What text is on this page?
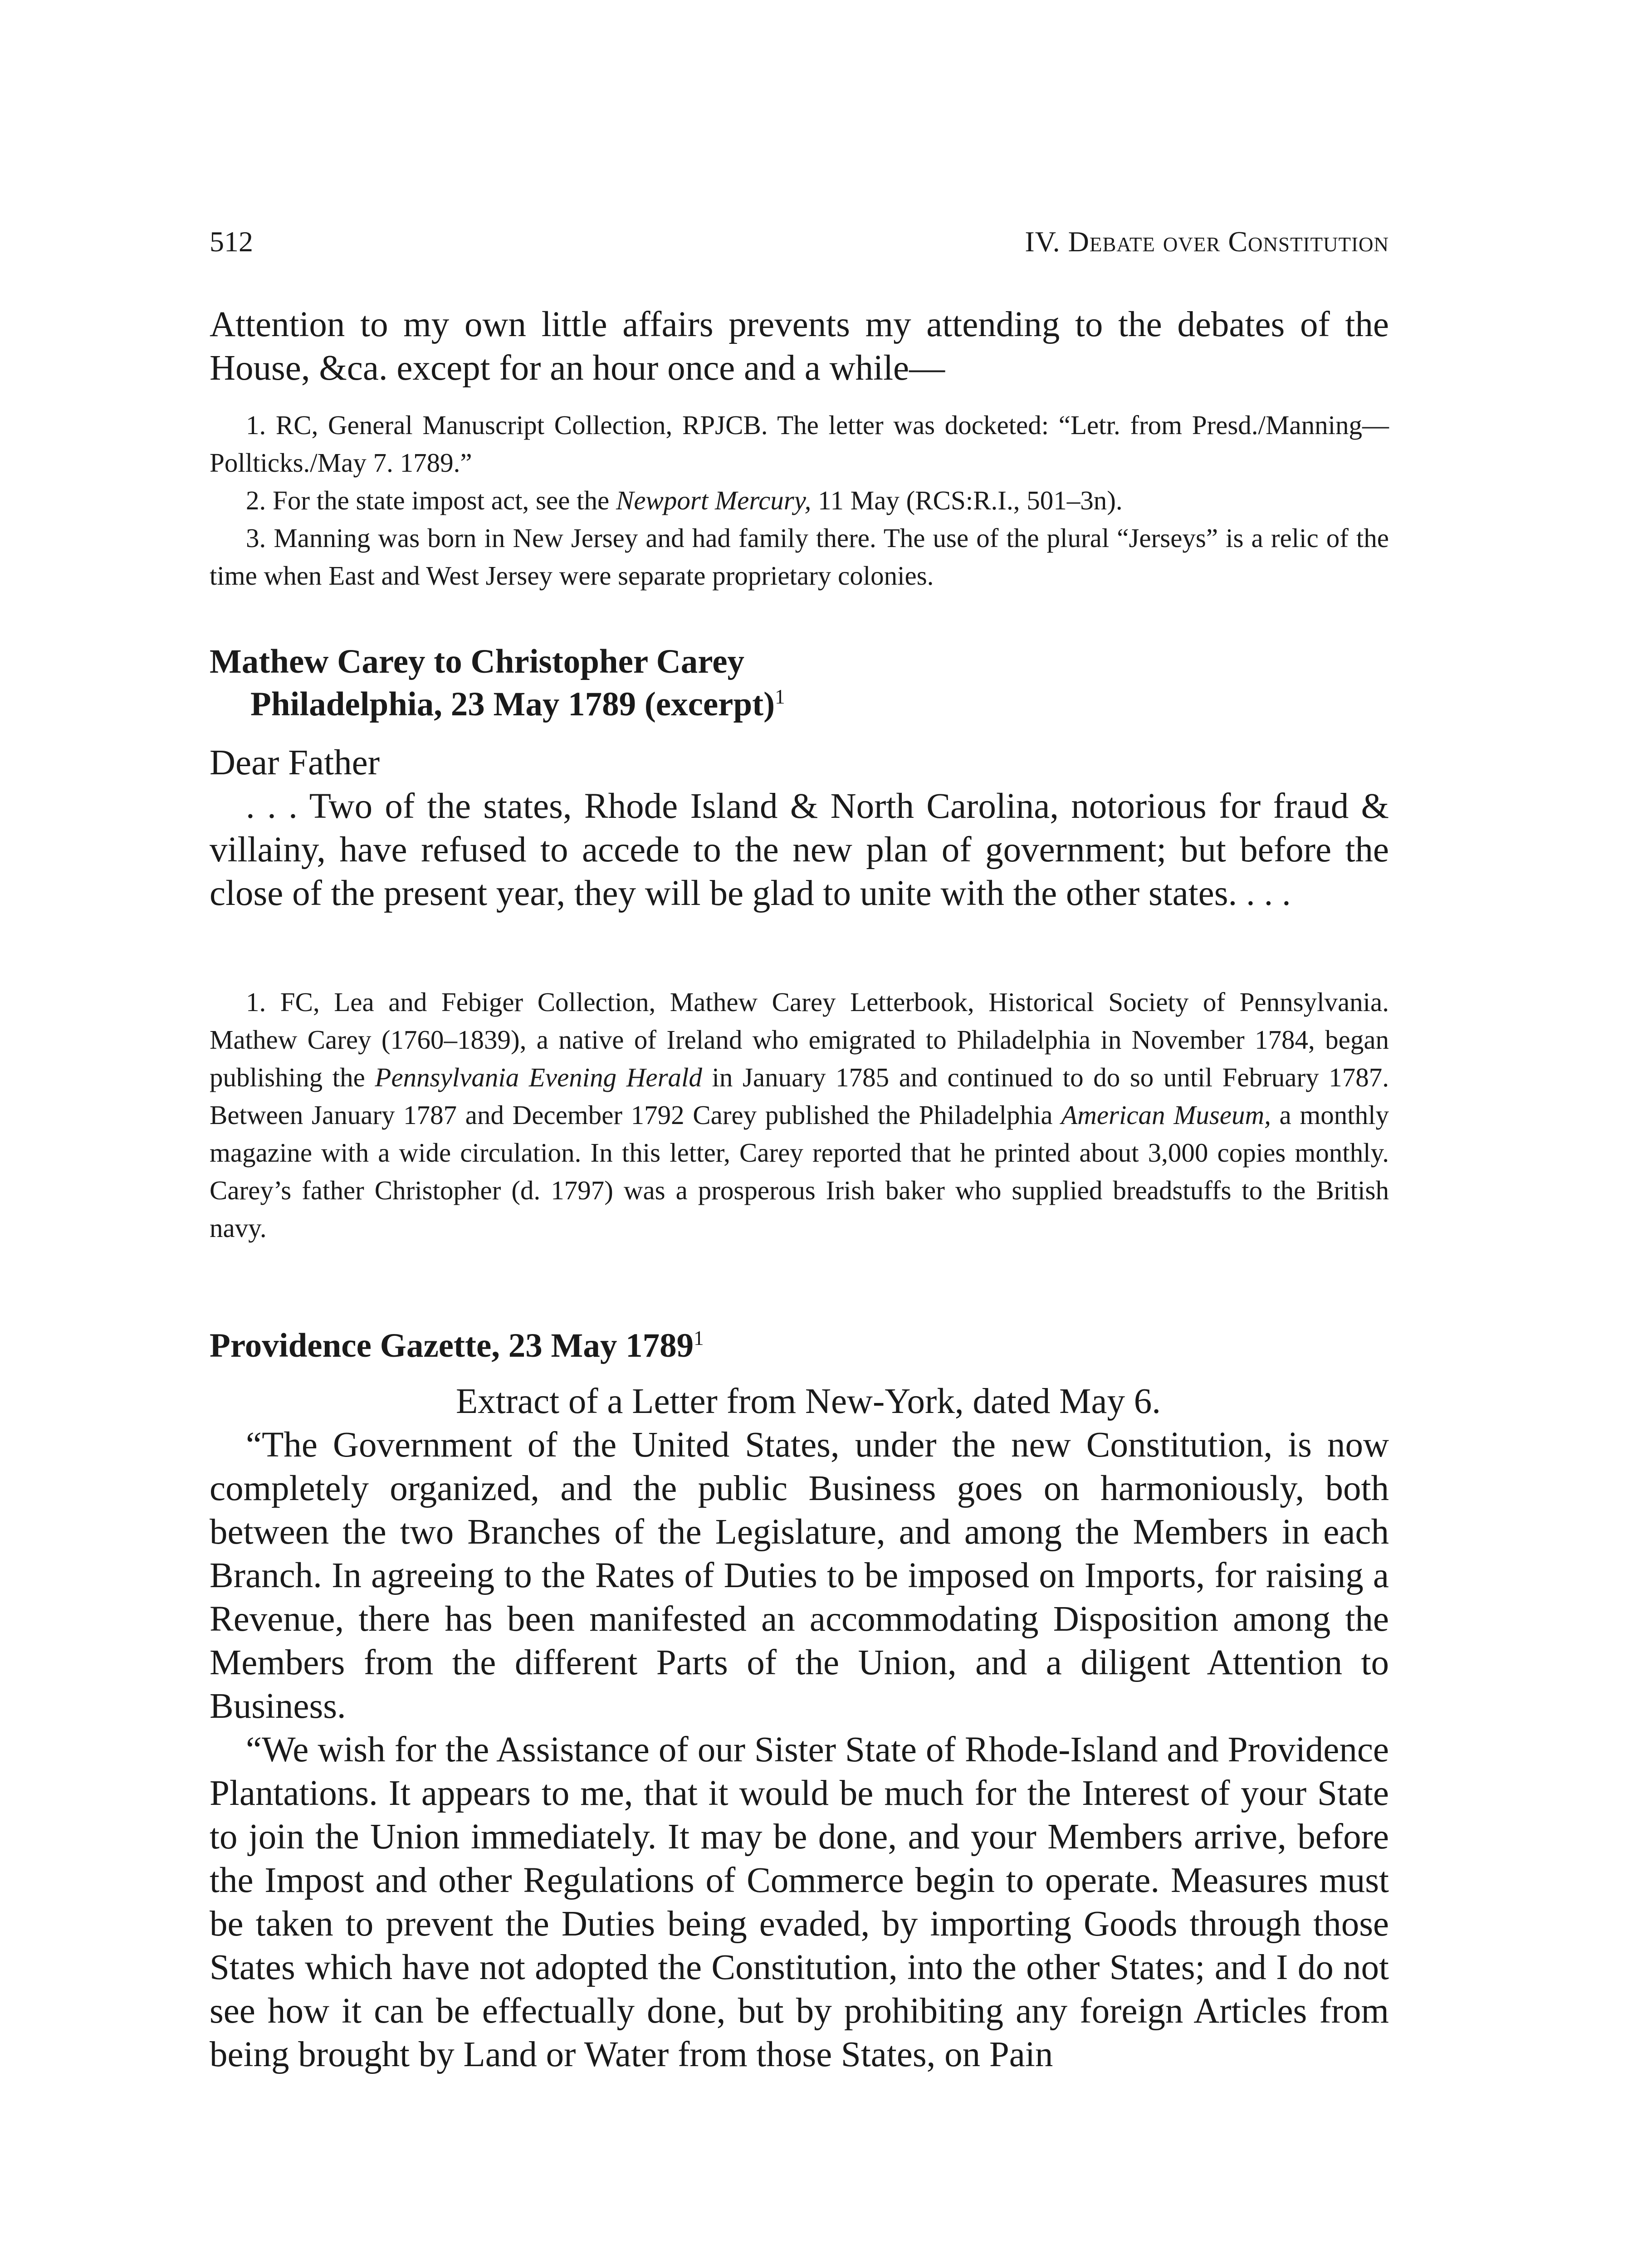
512	IV. Debate over Constitution

Attention to my own little affairs prevents my attending to the debates of the House, &ca. except for an hour once and a while—

1. RC, General Manuscript Collection, RPJCB. The letter was docketed: “Letr. from Presd./Manning—Pollticks./May 7. 1789.”

2. For the state impost act, see the Newport Mercury, 11 May (RCS:R.I., 501–3n).

3. Manning was born in New Jersey and had family there. The use of the plural “Jerseys” is a relic of the time when East and West Jersey were separate proprietary colonies.

Mathew Carey to Christopher Carey

Philadelphia, 23 May 1789 (excerpt)$^1$

Dear Father

. . . Two of the states, Rhode Island & North Carolina, notorious for fraud & villainy, have refused to accede to the new plan of government; but before the close of the present year, they will be glad to unite with the other states. . . .

1. FC, Lea and Febiger Collection, Mathew Carey Letterbook, Historical Society of Pennsylvania. Mathew Carey (1760–1839), a native of Ireland who emigrated to Philadelphia in November 1784, began publishing the Pennsylvania Evening Herald in January 1785 and continued to do so until February 1787. Between January 1787 and December 1792 Carey published the Philadelphia American Museum, a monthly magazine with a wide circulation. In this letter, Carey reported that he printed about 3,000 copies monthly. Carey’s father Christopher (d. 1797) was a prosperous Irish baker who supplied breadstuffs to the British navy.

Providence Gazette, 23 May 1789$^1$

Extract of a Letter from New-York, dated May 6.

“The Government of the United States, under the new Constitution, is now completely organized, and the public Business goes on harmoniously, both between the two Branches of the Legislature, and among the Members in each Branch. In agreeing to the Rates of Duties to be imposed on Imports, for raising a Revenue, there has been manifested an accommodating Disposition among the Members from the different Parts of the Union, and a diligent Attention to Business.

“We wish for the Assistance of our Sister State of Rhode-Island and Providence Plantations. It appears to me, that it would be much for the Interest of your State to join the Union immediately. It may be done, and your Members arrive, before the Impost and other Regulations of Commerce begin to operate. Measures must be taken to prevent the Duties being evaded, by importing Goods through those States which have not adopted the Constitution, into the other States; and I do not see how it can be effectually done, but by prohibiting any foreign Articles from being brought by Land or Water from those States, on Pain
